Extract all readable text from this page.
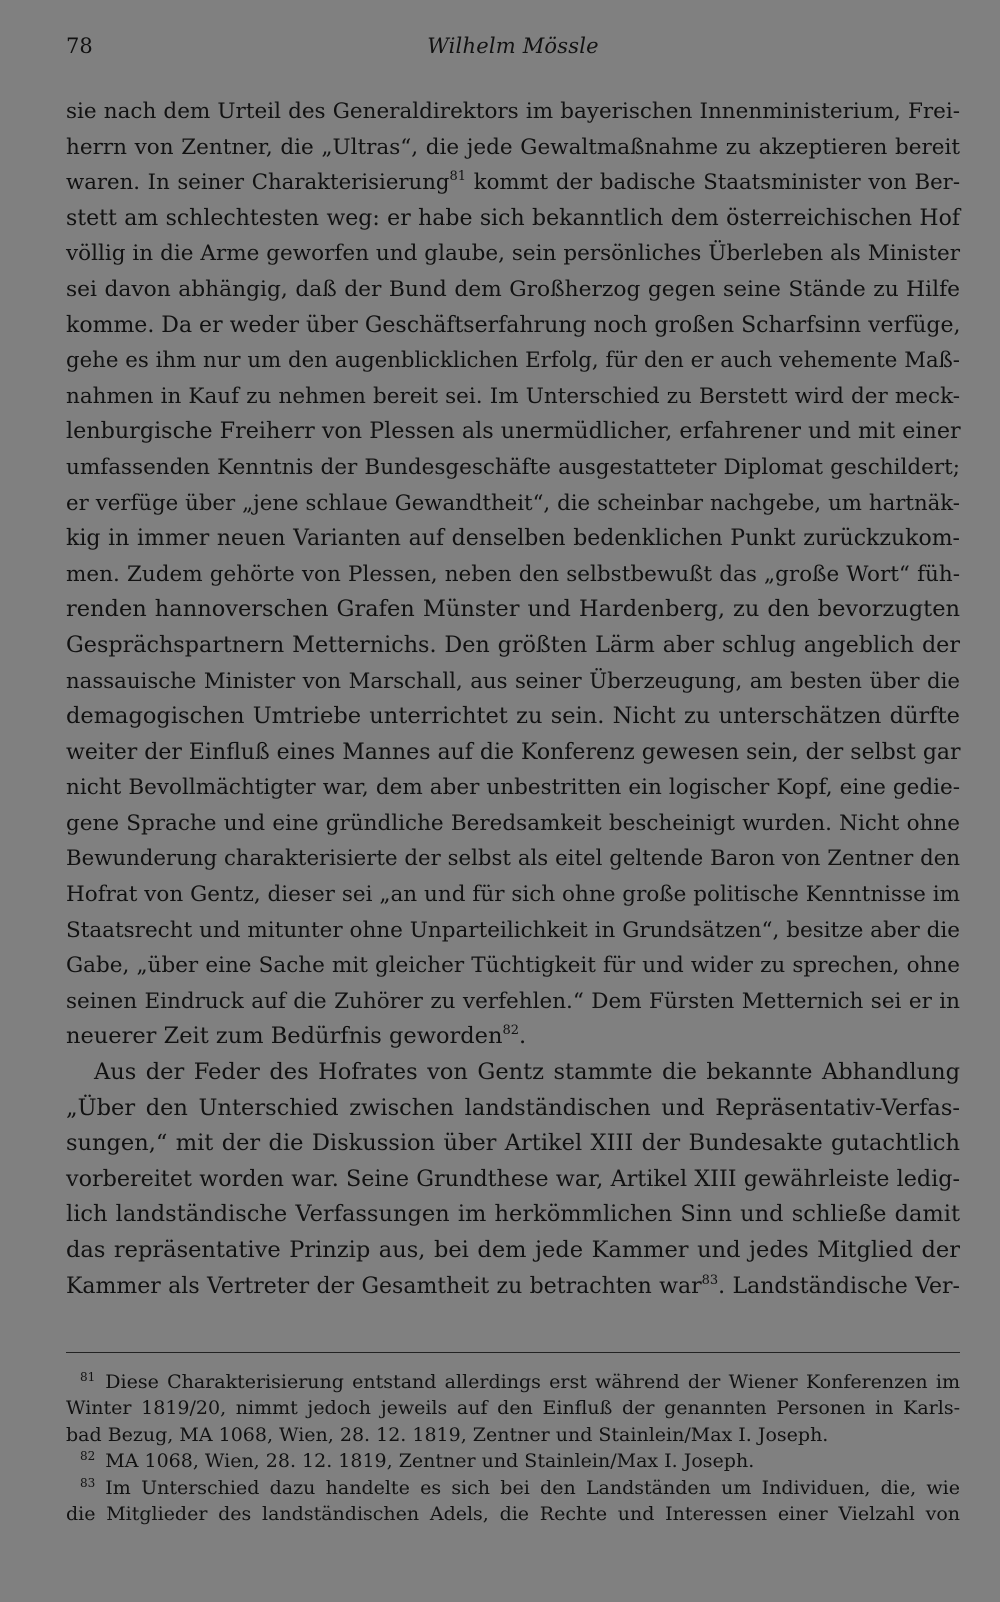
78	Wilhelm Mössle
sie nach dem Urteil des Generaldirektors im bayerischen Innenministerium, Frei-
herrn von Zentner, die „Ultras“, die jede Gewaltmaßnahme zu akzeptieren bereit
waren. In seiner Charakterisierung$^{81}$ kommt der badische Staatsminister von Ber-
stett am schlechtesten weg: er habe sich bekanntlich dem österreichischen Hof
völlig in die Arme geworfen und glaube, sein persönliches Überleben als Minister
sei davon abhängig, daß der Bund dem Großherzog gegen seine Stände zu Hilfe
komme. Da er weder über Geschäftserfahrung noch großen Scharfsinn verfüge,
gehe es ihm nur um den augenblicklichen Erfolg, für den er auch vehemente Maß-
nahmen in Kauf zu nehmen bereit sei. Im Unterschied zu Berstett wird der meck-
lenburgische Freiherr von Plessen als unermüdlicher, erfahrener und mit einer
umfassenden Kenntnis der Bundesgeschäfte ausgestatteter Diplomat geschildert;
er verfüge über „jene schlaue Gewandtheit“, die scheinbar nachgebe, um hartnäk-
kig in immer neuen Varianten auf denselben bedenklichen Punkt zurückzukom-
men. Zudem gehörte von Plessen, neben den selbstbewußt das „große Wort“ füh-
renden hannoverschen Grafen Münster und Hardenberg, zu den bevorzugten
Gesprächspartnern Metternichs. Den größten Lärm aber schlug angeblich der
nassauische Minister von Marschall, aus seiner Überzeugung, am besten über die
demagogischen Umtriebe unterrichtet zu sein. Nicht zu unterschätzen dürfte
weiter der Einfluß eines Mannes auf die Konferenz gewesen sein, der selbst gar
nicht Bevollmächtigter war, dem aber unbestritten ein logischer Kopf, eine gedie-
gene Sprache und eine gründliche Beredsamkeit bescheinigt wurden. Nicht ohne
Bewunderung charakterisierte der selbst als eitel geltende Baron von Zentner den
Hofrat von Gentz, dieser sei „an und für sich ohne große politische Kenntnisse im
Staatsrecht und mitunter ohne Unparteilichkeit in Grundsätzen“, besitze aber die
Gabe, „über eine Sache mit gleicher Tüchtigkeit für und wider zu sprechen, ohne
seinen Eindruck auf die Zuhörer zu verfehlen.“ Dem Fürsten Metternich sei er in
neuerer Zeit zum Bedürfnis geworden$^{82}$.
Aus der Feder des Hofrates von Gentz stammte die bekannte Abhandlung
„Über den Unterschied zwischen landständischen und Repräsentativ-Verfas-
sungen,“ mit der die Diskussion über Artikel XIII der Bundesakte gutachtlich
vorbereitet worden war. Seine Grundthese war, Artikel XIII gewährleiste ledig-
lich landständische Verfassungen im herkömmlichen Sinn und schließe damit
das repräsentative Prinzip aus, bei dem jede Kammer und jedes Mitglied der
Kammer als Vertreter der Gesamtheit zu betrachten war$^{83}$. Landständische Ver-
$^{81}$ Diese Charakterisierung entstand allerdings erst während der Wiener Konferenzen im
Winter 1819/20, nimmt jedoch jeweils auf den Einfluß der genannten Personen in Karls-
bad Bezug, MA 1068, Wien, 28. 12. 1819, Zentner und Stainlein/Max I. Joseph.
$^{82}$ MA 1068, Wien, 28. 12. 1819, Zentner und Stainlein/Max I. Joseph.
$^{83}$ Im Unterschied dazu handelte es sich bei den Landständen um Individuen, die, wie
die Mitglieder des landständischen Adels, die Rechte und Interessen einer Vielzahl von
